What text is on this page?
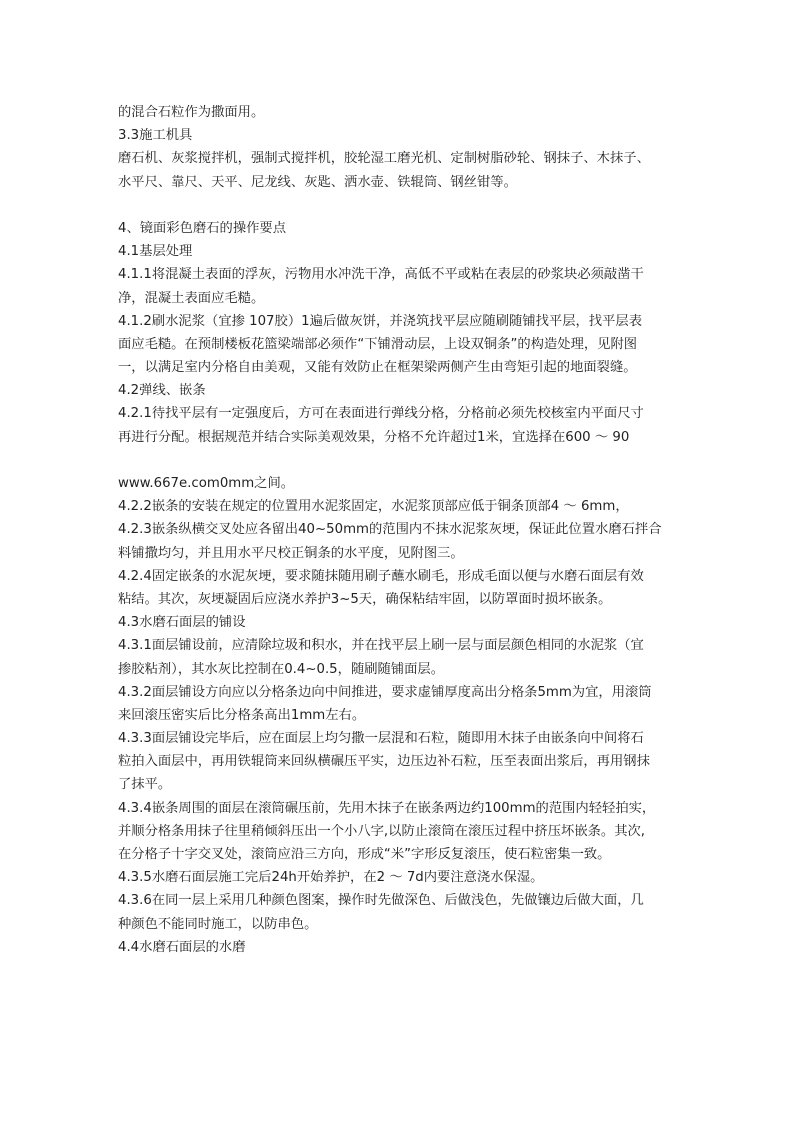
的混合石粒作为撒面用。
3.3施工机具
磨石机、灰浆搅拌机，强制式搅拌机，胶轮湿工磨光机、定制树脂砂轮、钢抹子、木抹子、
水平尺、靠尺、天平、尼龙线、灰匙、洒水壶、铁辊筒、钢丝钳等。
4、镜面彩色磨石的操作要点
4.1基层处理
4.1.1将混凝土表面的浮灰，污物用水冲洗干净，高低不平或粘在表层的砂浆块必须敲凿干
净，混凝土表面应毛糙。
4.1.2刷水泥浆（宜掺 107胶）1遍后做灰饼，并浇筑找平层应随刷随铺找平层，找平层表
面应毛糙。在预制楼板花篮梁端部必须作“下铺滑动层，上设双铜条”的构造处理，见附图
一，以满足室内分格自由美观，又能有效防止在框架梁两侧产生由弯矩引起的地面裂缝。
4.2弹线、嵌条
4.2.1待找平层有一定强度后，方可在表面进行弹线分格，分格前必须先校核室内平面尺寸
再进行分配。根据规范并结合实际美观效果，分格不允许超过1米，宜选择在600 ～ 90
www.667e.com0mm之间。
4.2.2嵌条的安装在规定的位置用水泥浆固定，水泥浆顶部应低于铜条顶部4 ～ 6mm，
4.2.3嵌条纵横交叉处应各留出40~50mm的范围内不抹水泥浆灰埂，保证此位置水磨石拌合
料铺撒均匀，并且用水平尺校正铜条的水平度，见附图三。
4.2.4固定嵌条的水泥灰埂，要求随抹随用刷子蘸水刷毛，形成毛面以便与水磨石面层有效
粘结。其次，灰埂凝固后应浇水养护3~5天，确保粘结牢固，以防罩面时损坏嵌条。
4.3水磨石面层的铺设
4.3.1面层铺设前，应清除垃圾和积水，并在找平层上刷一层与面层颜色相同的水泥浆（宜
掺胶粘剂），其水灰比控制在0.4~0.5，随刷随铺面层。
4.3.2面层铺设方向应以分格条边向中间推进，要求虚铺厚度高出分格条5mm为宜，用滚筒
来回滚压密实后比分格条高出1mm左右。
4.3.3面层铺设完毕后，应在面层上均匀撒一层混和石粒，随即用木抹子由嵌条向中间将石
粒拍入面层中，再用铁辊筒来回纵横碾压平实，边压边补石粒，压至表面出浆后，再用钢抹
了抹平。
4.3.4嵌条周围的面层在滚筒碾压前，先用木抹子在嵌条两边约100mm的范围内轻轻拍实，
并顺分格条用抹子往里稍倾斜压出一个小八字,以防止滚筒在滚压过程中挤压坏嵌条。其次,
在分格子十字交叉处，滚筒应沿三方向，形成“米”字形反复滚压，使石粒密集一致。
4.3.5水磨石面层施工完后24h开始养护，在2 ～ 7d内要注意浇水保湿。
4.3.6在同一层上采用几种颜色图案，操作时先做深色、后做浅色，先做镶边后做大面，几
种颜色不能同时施工，以防串色。
4.4水磨石面层的水磨
